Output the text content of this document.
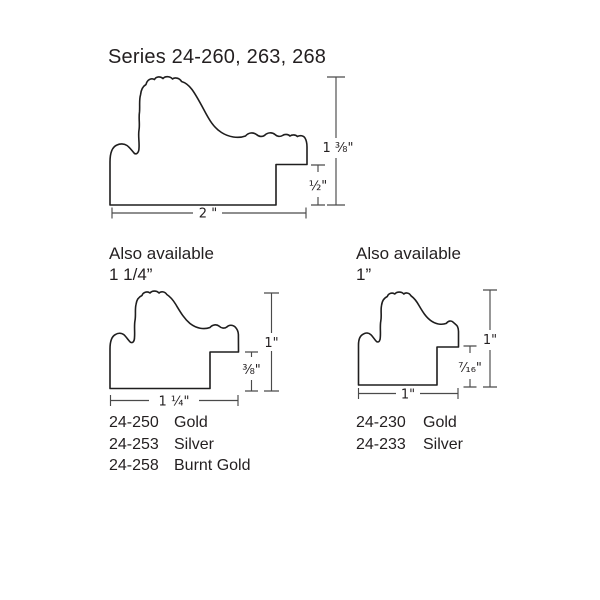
2 "
1 ⅜"
½"
1 ¼"
1"
⅜"
1"
1"
⁷⁄₁₆"
Series 24-260, 263, 268
Also available
1 1/4”
Also available
1”
24-250 Gold
24-253 Silver
24-258 Burnt Gold
24-230 Gold
24-233 Silver
